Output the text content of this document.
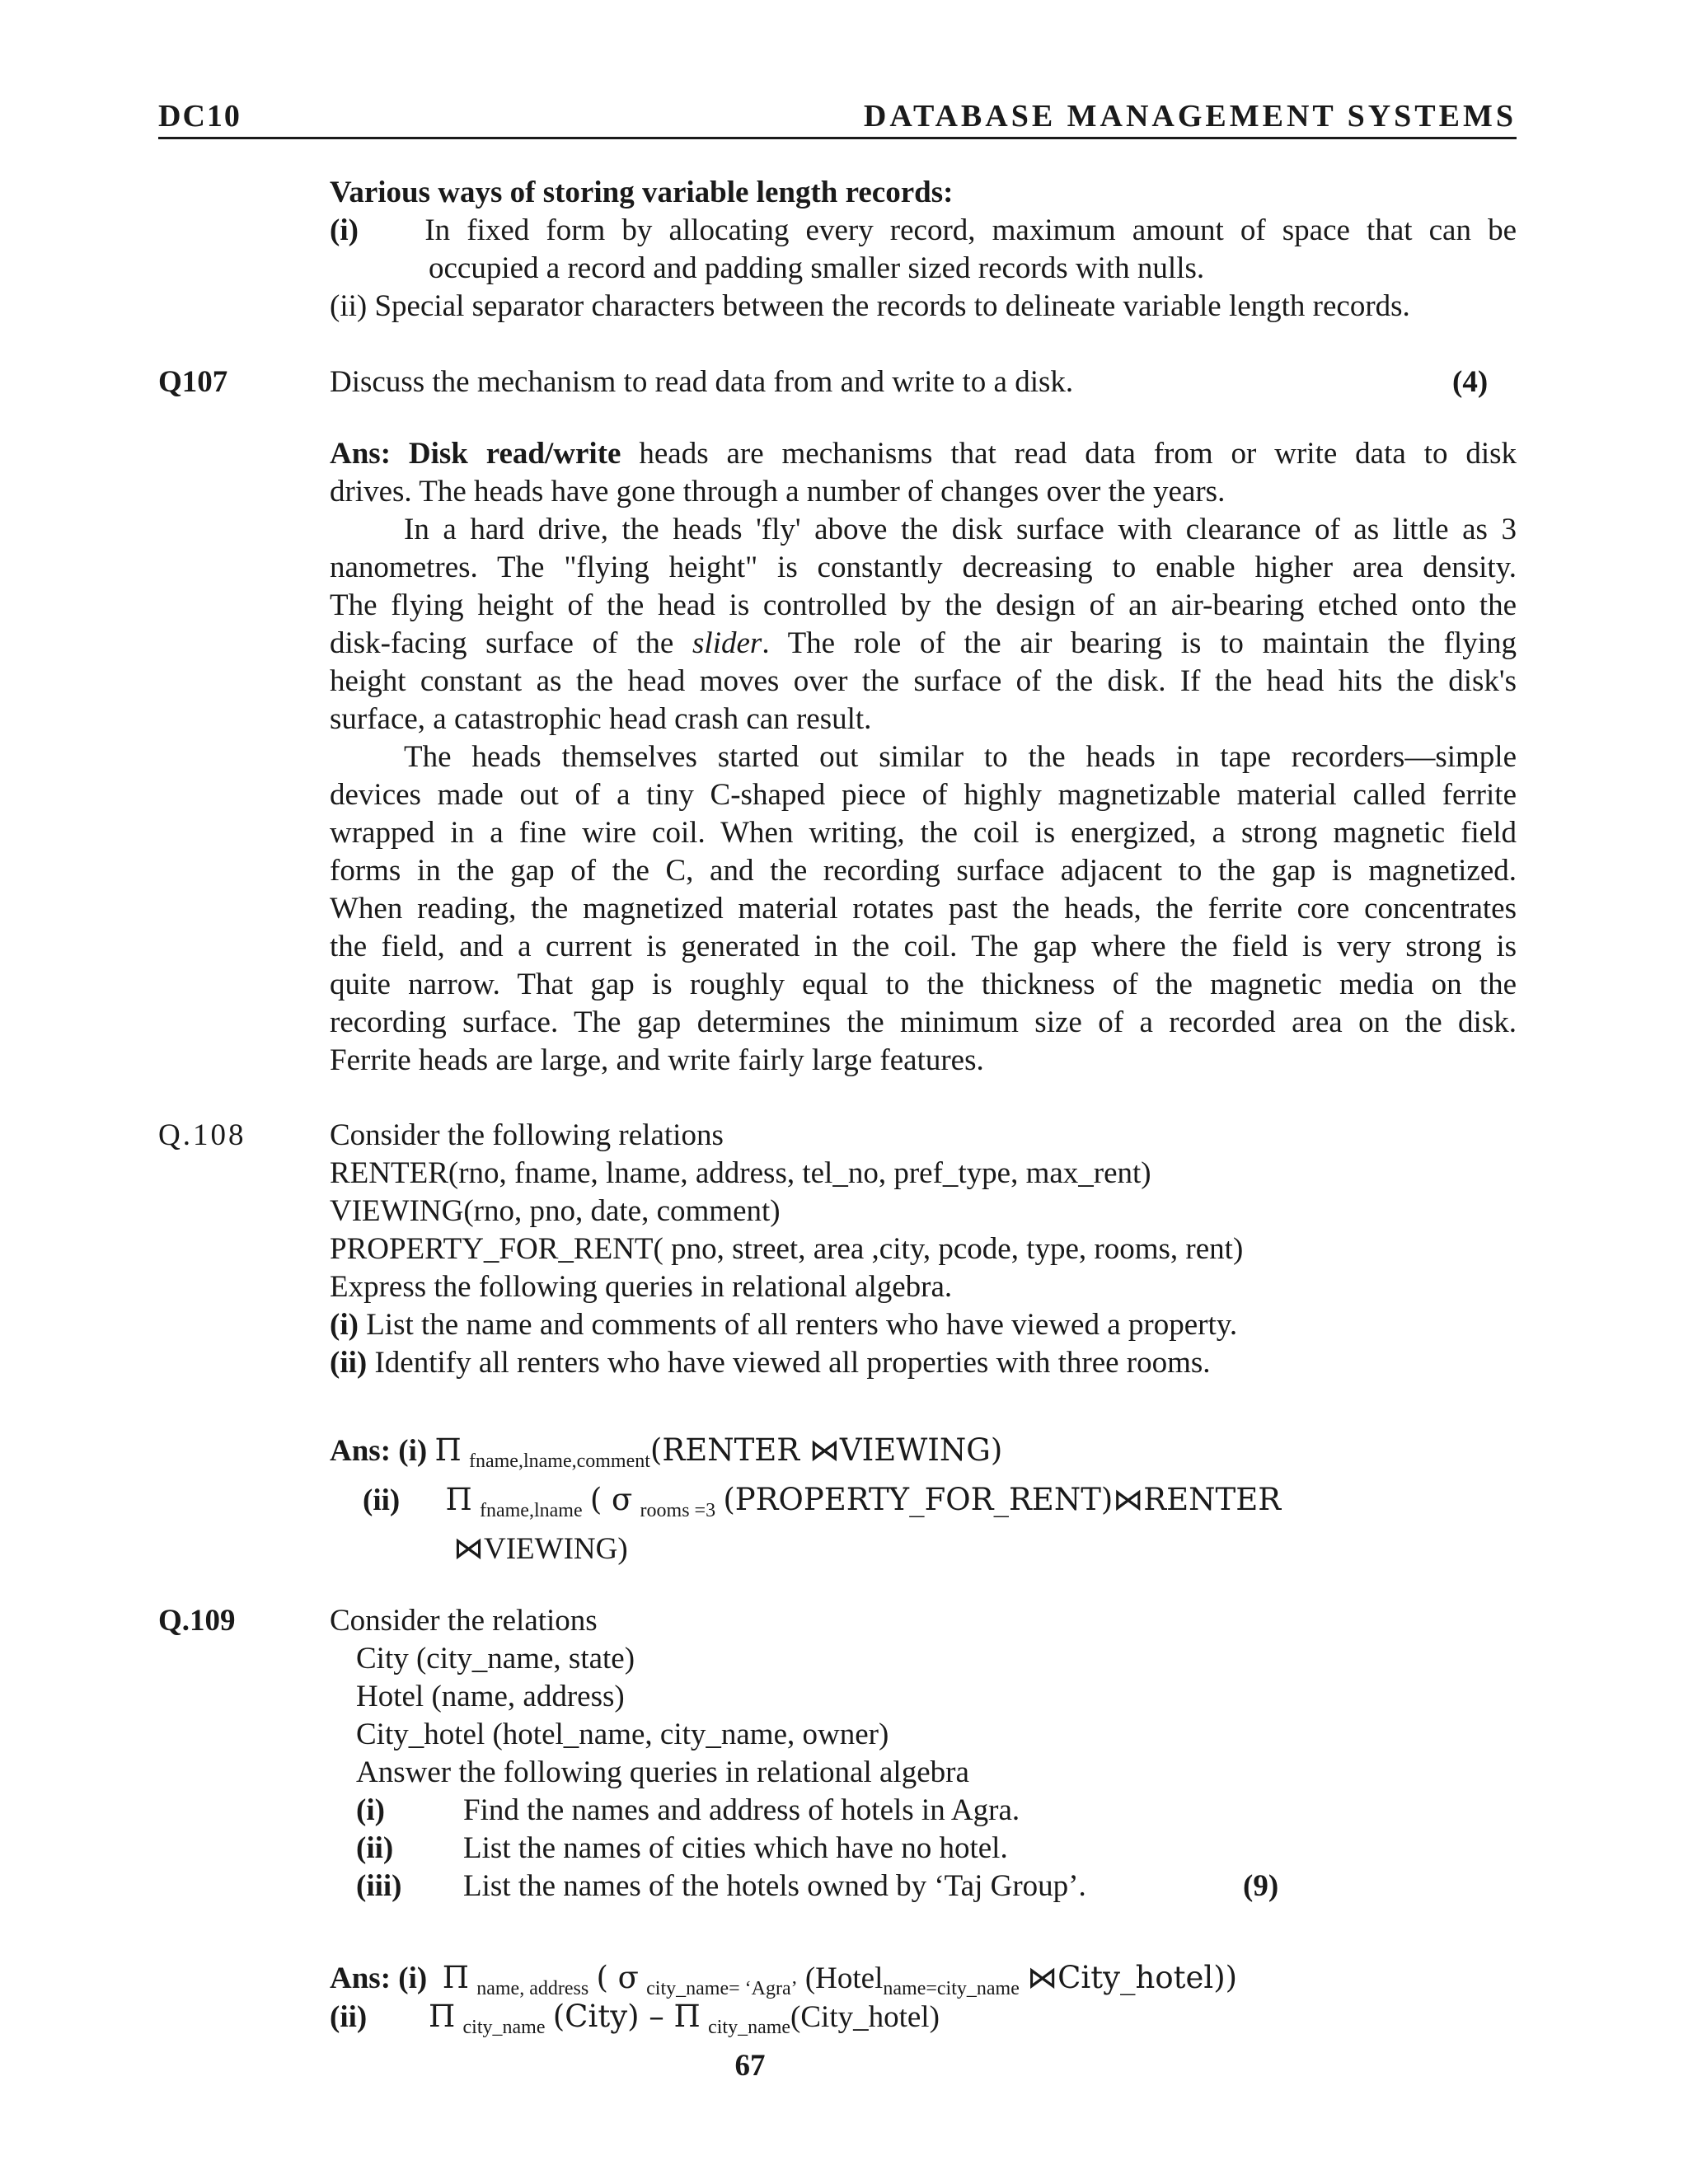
DC10	DATABASE MANAGEMENT SYSTEMS
Various ways of storing variable length records:
(i) In fixed form by allocating every record, maximum amount of space that can be
occupied a record and padding smaller sized records with nulls.
(ii) Special separator characters between the records to delineate variable length records.
Q107	Discuss the mechanism to read data from and write to a disk.	(4)
Ans: Disk read/write heads are mechanisms that read data from or write data to disk
drives. The heads have gone through a number of changes over the years.
In a hard drive, the heads 'fly' above the disk surface with clearance of as little as 3
nanometres. The "flying height" is constantly decreasing to enable higher area density.
The flying height of the head is controlled by the design of an air-bearing etched onto the
disk-facing surface of the slider. The role of the air bearing is to maintain the flying
height constant as the head moves over the surface of the disk. If the head hits the disk's
surface, a catastrophic head crash can result.
The heads themselves started out similar to the heads in tape recorders—simple
devices made out of a tiny C-shaped piece of highly magnetizable material called ferrite
wrapped in a fine wire coil. When writing, the coil is energized, a strong magnetic field
forms in the gap of the C, and the recording surface adjacent to the gap is magnetized.
When reading, the magnetized material rotates past the heads, the ferrite core concentrates
the field, and a current is generated in the coil. The gap where the field is very strong is
quite narrow. That gap is roughly equal to the thickness of the magnetic media on the
recording surface. The gap determines the minimum size of a recorded area on the disk.
Ferrite heads are large, and write fairly large features.
Q.108	Consider the following relations
RENTER(rno, fname, lname, address, tel_no, pref_type, max_rent)
VIEWING(rno, pno, date, comment)
PROPERTY_FOR_RENT( pno, street, area ,city, pcode, type, rooms, rent)
Express the following queries in relational algebra.
(i) List the name and comments of all renters who have viewed a property.
(ii) Identify all renters who have viewed all properties with three rooms.
Ans: (i) Π $_{fname,lname,comment}$(RENTER ⋈VIEWING)
(ii) Π $_{fname,lname}$ ( σ $_{rooms =3}$ (PROPERTY_FOR_RENT)⋈RENTER
⋈VIEWING)
Q.109	Consider the relations
City (city_name, state)
Hotel (name, address)
City_hotel (hotel_name, city_name, owner)
Answer the following queries in relational algebra
(i)	Find the names and address of hotels in Agra.
(ii) List the names of cities which have no hotel.
(iii) List the names of the hotels owned by ‘Taj Group’.	(9)
Ans: (i) Π $_{name, address}$ ( σ $_{city\_name= ‘Agra’}$ (Hotel$_{name=city\_name}$ ⋈City_hotel))
(ii) Π $_{city\_name}$ (City) – Π $_{city\_name}$(City_hotel)
67
